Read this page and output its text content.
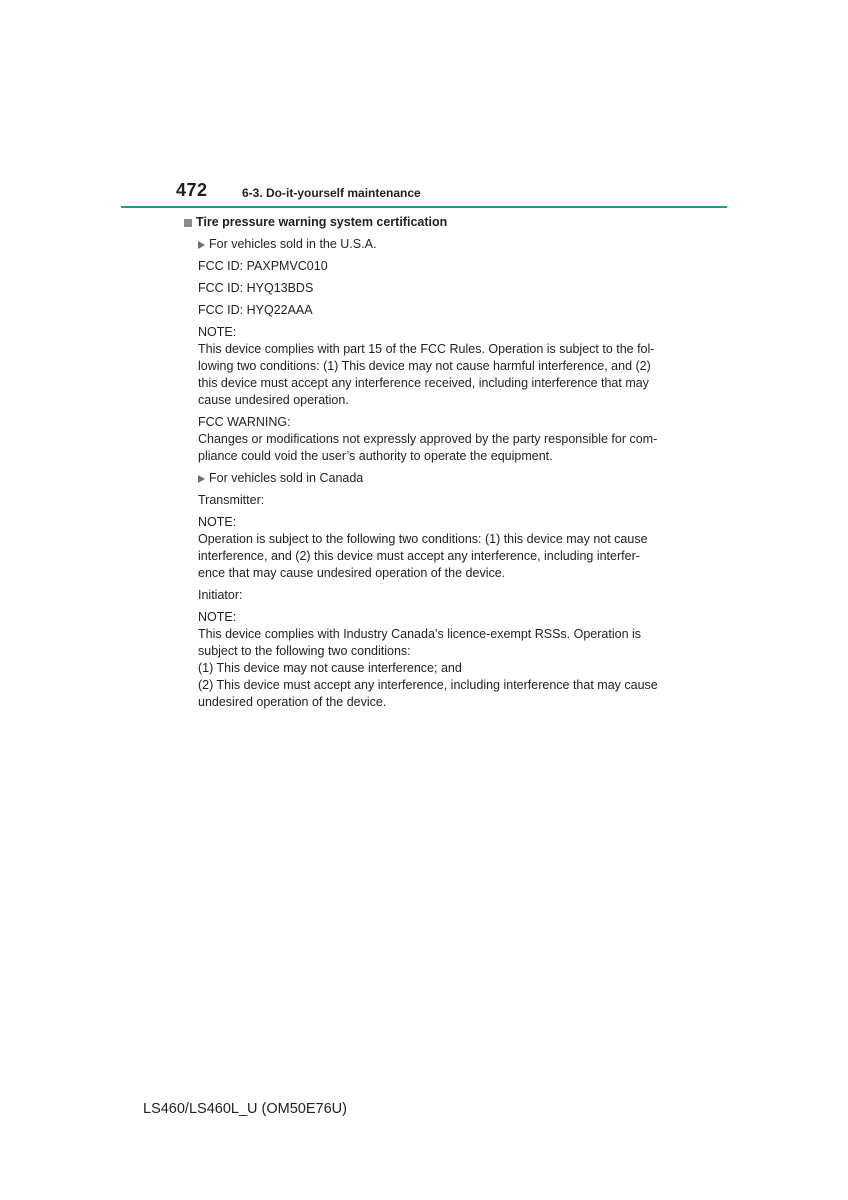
472	6-3. Do-it-yourself maintenance
Tire pressure warning system certification
For vehicles sold in the U.S.A.
FCC ID: PAXPMVC010
FCC ID: HYQ13BDS
FCC ID: HYQ22AAA
NOTE:
This device complies with part 15 of the FCC Rules. Operation is subject to the fol-
lowing two conditions: (1) This device may not cause harmful interference, and (2)
this device must accept any interference received, including interference that may
cause undesired operation.
FCC WARNING:
Changes or modifications not expressly approved by the party responsible for com-
pliance could void the user’s authority to operate the equipment.
For vehicles sold in Canada
Transmitter:
NOTE:
Operation is subject to the following two conditions: (1) this device may not cause
interference, and (2) this device must accept any interference, including interfer-
ence that may cause undesired operation of the device.
Initiator:
NOTE:
This device complies with Industry Canada’s licence-exempt RSSs. Operation is
subject to the following two conditions:
(1) This device may not cause interference; and
(2) This device must accept any interference, including interference that may cause
undesired operation of the device.
LS460/LS460L_U (OM50E76U)
